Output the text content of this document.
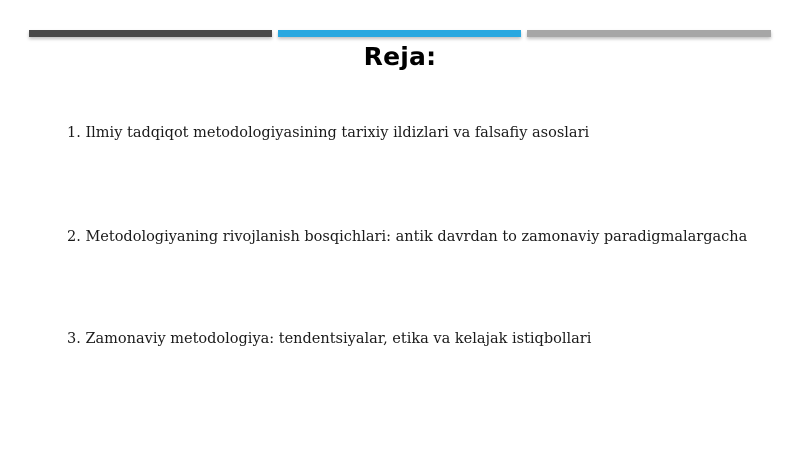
Reja:
1. Ilmiy tadqiqot metodologiyasining tarixiy ildizlari va falsafiy asoslari
2. Metodologiyaning rivojlanish bosqichlari: antik davrdan to zamonaviy paradigmalargacha
3. Zamonaviy metodologiya: tendentsiyalar, etika va kelajak istiqbollari
